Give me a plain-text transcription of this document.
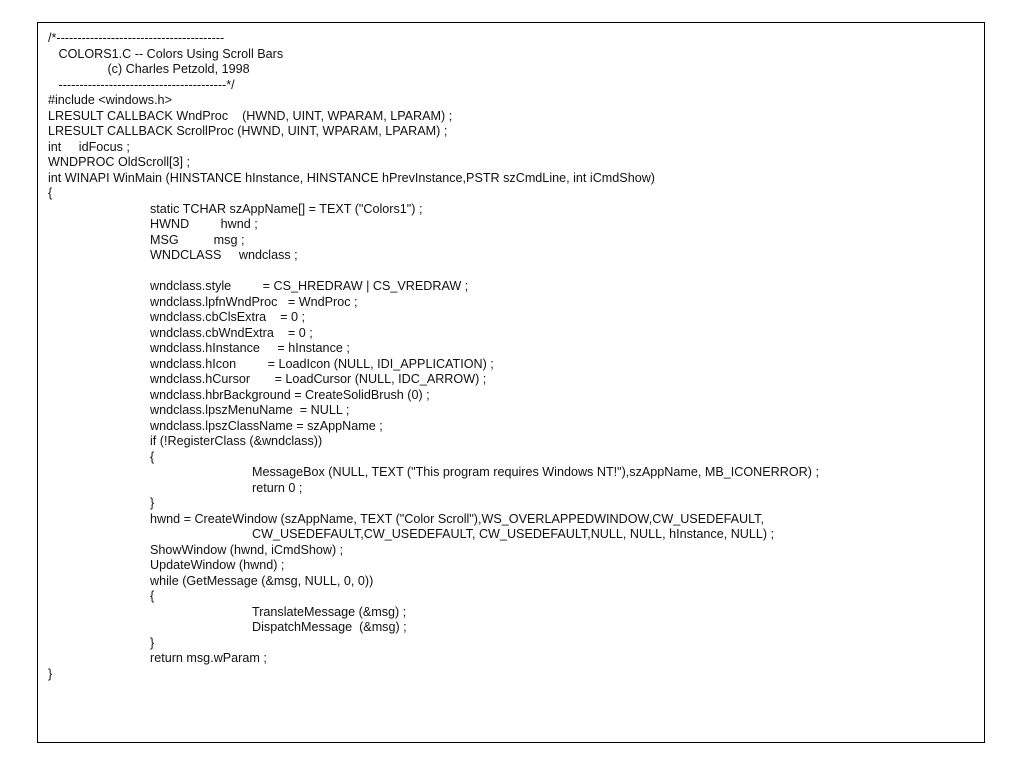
/*----------------------------------------
COLORS1.C -- Colors Using Scroll Bars
(c) Charles Petzold, 1998
----------------------------------------*/
#include <windows.h>
LRESULT CALLBACK WndProc    (HWND, UINT, WPARAM, LPARAM) ;
LRESULT CALLBACK ScrollProc (HWND, UINT, WPARAM, LPARAM) ;
int     idFocus ;
WNDPROC OldScroll[3] ;
int WINAPI WinMain (HINSTANCE hInstance, HINSTANCE hPrevInstance,PSTR szCmdLine, int iCmdShow)
{
static TCHAR szAppName[] = TEXT ("Colors1") ;
HWND         hwnd ;
MSG          msg ;
WNDCLASS     wndclass ;
wndclass.style         = CS_HREDRAW | CS_VREDRAW ;
wndclass.lpfnWndProc   = WndProc ;
wndclass.cbClsExtra    = 0 ;
wndclass.cbWndExtra    = 0 ;
wndclass.hInstance     = hInstance ;
wndclass.hIcon         = LoadIcon (NULL, IDI_APPLICATION) ;
wndclass.hCursor       = LoadCursor (NULL, IDC_ARROW) ;
wndclass.hbrBackground = CreateSolidBrush (0) ;
wndclass.lpszMenuName  = NULL ;
wndclass.lpszClassName = szAppName ;
if (!RegisterClass (&wndclass))
{
MessageBox (NULL, TEXT ("This program requires Windows NT!"),szAppName, MB_ICONERROR) ;
return 0 ;
}
hwnd = CreateWindow (szAppName, TEXT ("Color Scroll"),WS_OVERLAPPEDWINDOW,CW_USEDEFAULT,
CW_USEDEFAULT,CW_USEDEFAULT, CW_USEDEFAULT,NULL, NULL, hInstance, NULL) ;
ShowWindow (hwnd, iCmdShow) ;
UpdateWindow (hwnd) ;
while (GetMessage (&msg, NULL, 0, 0))
{
TranslateMessage (&msg) ;
DispatchMessage  (&msg) ;
}
return msg.wParam ;
}
